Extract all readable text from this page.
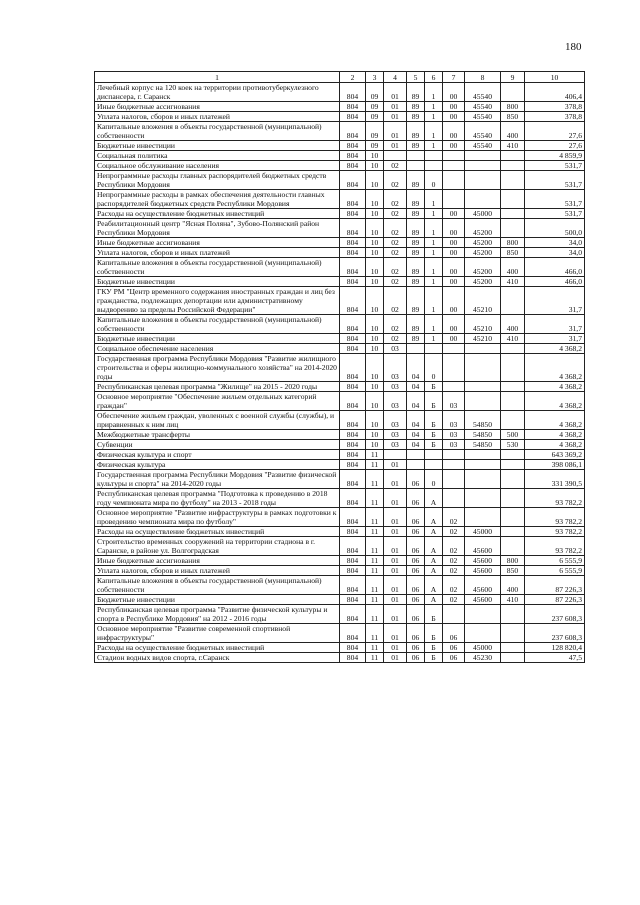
180
1	2	3	4	5	6	7	8	9	10
Лечебный корпус на 120 коек на территории противотуберкулезного диспансера, г. Саранск	804	09	01	89	1	00	45540		406,4
Иные бюджетные ассигнования	804	09	01	89	1	00	45540	800	378,8
Уплата налогов, сборов и иных платежей	804	09	01	89	1	00	45540	850	378,8
Капитальные вложения в объекты государственной (муниципальной) собственности	804	09	01	89	1	00	45540	400	27,6
Бюджетные инвестиции	804	09	01	89	1	00	45540	410	27,6
Социальная политика	804	10							4 859,9
Социальное обслуживание населения	804	10	02						531,7
Непрограммные расходы главных распорядителей бюджетных средств Республики Мордовия	804	10	02	89	0				531,7
Непрограммные расходы в рамках обеспечения деятельности главных распорядителей бюджетных средств Республики Мордовия	804	10	02	89	1				531,7
Расходы на осуществление бюджетных инвестиций	804	10	02	89	1	00	45000		531,7
Реабилитационный центр "Ясная Поляна", Зубово-Полянский район Республики Мордовия	804	10	02	89	1	00	45200		500,0
Иные бюджетные ассигнования	804	10	02	89	1	00	45200	800	34,0
Уплата налогов, сборов и иных платежей	804	10	02	89	1	00	45200	850	34,0
Капитальные вложения в объекты государственной (муниципальной) собственности	804	10	02	89	1	00	45200	400	466,0
Бюджетные инвестиции	804	10	02	89	1	00	45200	410	466,0
ГКУ РМ "Центр временного содержания иностранных граждан и лиц без гражданства, подлежащих депортации или административному выдворению за пределы Российской Федерации"	804	10	02	89	1	00	45210		31,7
Капитальные вложения в объекты государственной (муниципальной) собственности	804	10	02	89	1	00	45210	400	31,7
Бюджетные инвестиции	804	10	02	89	1	00	45210	410	31,7
Социальное обеспечение населения	804	10	03						4 368,2
Государственная программа Республики Мордовия "Развитие жилищного строительства и сферы жилищно-коммунального хозяйства" на 2014-2020 годы	804	10	03	04	0				4 368,2
Республиканская целевая программа "Жилище" на 2015 - 2020 годы	804	10	03	04	Б				4 368,2
Основное мероприятие "Обеспечение жильем отдельных категорий граждан"	804	10	03	04	Б	03			4 368,2
Обеспечение жильем граждан, уволенных с военной службы (службы), и приравненных к ним лиц	804	10	03	04	Б	03	54850		4 368,2
Межбюджетные трансферты	804	10	03	04	Б	03	54850	500	4 368,2
Субвенции	804	10	03	04	Б	03	54850	530	4 368,2
Физическая культура и спорт	804	11							643 369,2
Физическая культура	804	11	01						398 086,1
Государственная программа Республики Мордовия "Развитие физической культуры и спорта" на 2014-2020 годы	804	11	01	06	0				331 390,5
Республиканская целевая программа "Подготовка к проведению в 2018 году чемпионата мира по футболу" на 2013 - 2018 годы	804	11	01	06	А				93 782,2
Основное мероприятие "Развитие инфраструктуры в рамках подготовки к проведению чемпионата мира по футболу"	804	11	01	06	А	02			93 782,2
Расходы на осуществление бюджетных инвестиций	804	11	01	06	А	02	45000		93 782,2
Строительство временных сооружений на территории стадиона в г. Саранске, в районе ул. Волгоградская	804	11	01	06	А	02	45600		93 782,2
Иные бюджетные ассигнования	804	11	01	06	А	02	45600	800	6 555,9
Уплата налогов, сборов и иных платежей	804	11	01	06	А	02	45600	850	6 555,9
Капитальные вложения в объекты государственной (муниципальной) собственности	804	11	01	06	А	02	45600	400	87 226,3
Бюджетные инвестиции	804	11	01	06	А	02	45600	410	87 226,3
Республиканская целевая программа "Развитие физической культуры и спорта в Республике Мордовия" на 2012 - 2016 годы	804	11	01	06	Б				237 608,3
Основное мероприятие "Развитие современной спортивной инфраструктуры"	804	11	01	06	Б	06			237 608,3
Расходы на осуществление бюджетных инвестиций	804	11	01	06	Б	06	45000		128 820,4
Стадион водных видов спорта, г.Саранск	804	11	01	06	Б	06	45230		47,5
